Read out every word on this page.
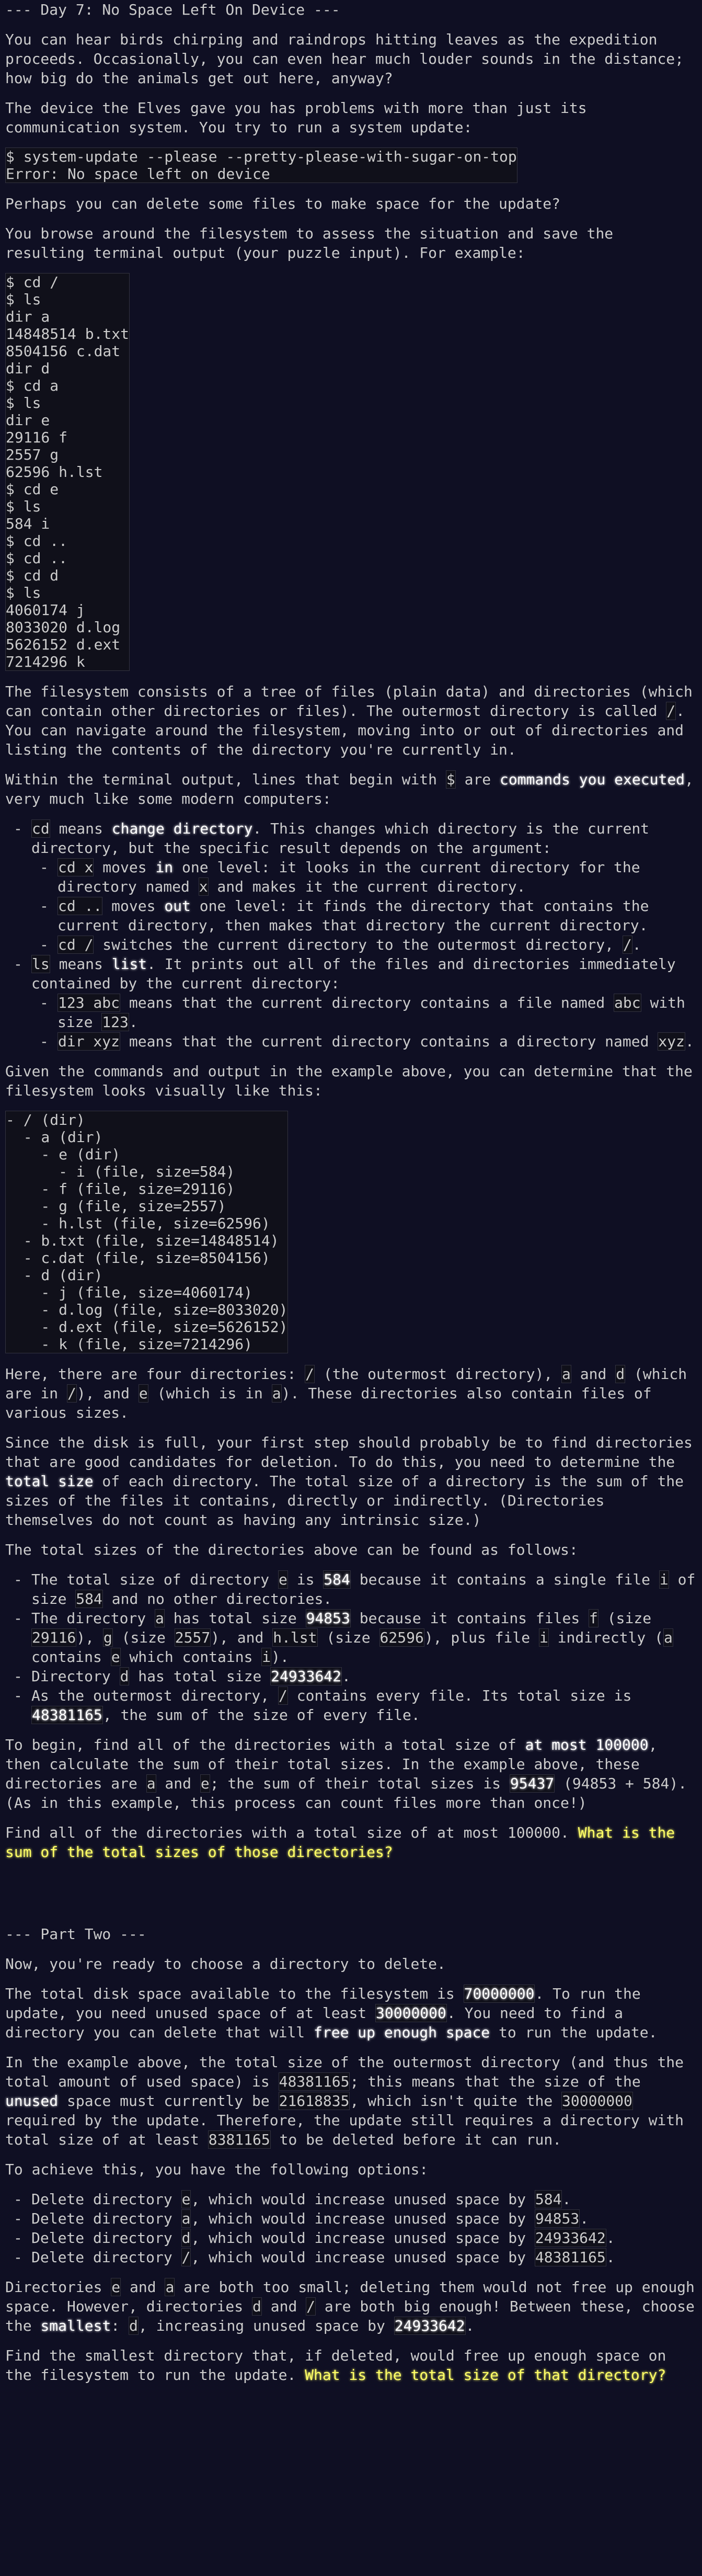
--- Day 7: No Space Left On Device ---

You can hear birds chirping and raindrops hitting leaves as the expedition proceeds. Occasionally, you can even hear much louder sounds in the distance; how big do the animals get out here, anyway?

The device the Elves gave you has problems with more than just its communication system. You try to run a system update:

$ system-update --please --pretty-please-with-sugar-on-top
Error: No space left on device

Perhaps you can delete some files to make space for the update?

You browse around the filesystem to assess the situation and save the resulting terminal output (your puzzle input). For example:

$ cd /
$ ls
dir a
14848514 b.txt
8504156 c.dat
dir d
$ cd a
$ ls
dir e
29116 f
2557 g
62596 h.lst
$ cd e
$ ls
584 i
$ cd ..
$ cd ..
$ cd d
$ ls
4060174 j
8033020 d.log
5626152 d.ext
7214296 k

The filesystem consists of a tree of files (plain data) and directories (which can contain other directories or files). The outermost directory is called /. You can navigate around the filesystem, moving into or out of directories and listing the contents of the directory you're currently in.

Within the terminal output, lines that begin with $ are commands you executed, very much like some modern computers:

- cd means change directory. This changes which directory is the current directory, but the specific result depends on the argument:
- cd x moves in one level: it looks in the current directory for the directory named x and makes it the current directory.
- cd .. moves out one level: it finds the directory that contains the current directory, then makes that directory the current directory.
- cd / switches the current directory to the outermost directory, /.
- ls means list. It prints out all of the files and directories immediately contained by the current directory:
- 123 abc means that the current directory contains a file named abc with size 123.
- dir xyz means that the current directory contains a directory named xyz.

Given the commands and output in the example above, you can determine that the filesystem looks visually like this:

- / (dir)
- a (dir)
- e (dir)
- i (file, size=584)
- f (file, size=29116)
- g (file, size=2557)
- h.lst (file, size=62596)
- b.txt (file, size=14848514)
- c.dat (file, size=8504156)
- d (dir)
- j (file, size=4060174)
- d.log (file, size=8033020)
- d.ext (file, size=5626152)
- k (file, size=7214296)

Here, there are four directories: / (the outermost directory), a and d (which are in /), and e (which is in a). These directories also contain files of various sizes.

Since the disk is full, your first step should probably be to find directories that are good candidates for deletion. To do this, you need to determine the total size of each directory. The total size of a directory is the sum of the sizes of the files it contains, directly or indirectly. (Directories themselves do not count as having any intrinsic size.)

The total sizes of the directories above can be found as follows:

- The total size of directory e is 584 because it contains a single file i of size 584 and no other directories.
- The directory a has total size 94853 because it contains files f (size 29116), g (size 2557), and h.lst (size 62596), plus file i indirectly (a contains e which contains i).
- Directory d has total size 24933642.
- As the outermost directory, / contains every file. Its total size is 48381165, the sum of the size of every file.

To begin, find all of the directories with a total size of at most 100000, then calculate the sum of their total sizes. In the example above, these directories are a and e; the sum of their total sizes is 95437 (94853 + 584). (As in this example, this process can count files more than once!)

Find all of the directories with a total size of at most 100000. What is the sum of the total sizes of those directories?

--- Part Two ---

Now, you're ready to choose a directory to delete.

The total disk space available to the filesystem is 70000000. To run the update, you need unused space of at least 30000000. You need to find a directory you can delete that will free up enough space to run the update.

In the example above, the total size of the outermost directory (and thus the total amount of used space) is 48381165; this means that the size of the unused space must currently be 21618835, which isn't quite the 30000000 required by the update. Therefore, the update still requires a directory with total size of at least 8381165 to be deleted before it can run.

To achieve this, you have the following options:

- Delete directory e, which would increase unused space by 584.
- Delete directory a, which would increase unused space by 94853.
- Delete directory d, which would increase unused space by 24933642.
- Delete directory /, which would increase unused space by 48381165.

Directories e and a are both too small; deleting them would not free up enough space. However, directories d and / are both big enough! Between these, choose the smallest: d, increasing unused space by 24933642.

Find the smallest directory that, if deleted, would free up enough space on the filesystem to run the update. What is the total size of that directory?
